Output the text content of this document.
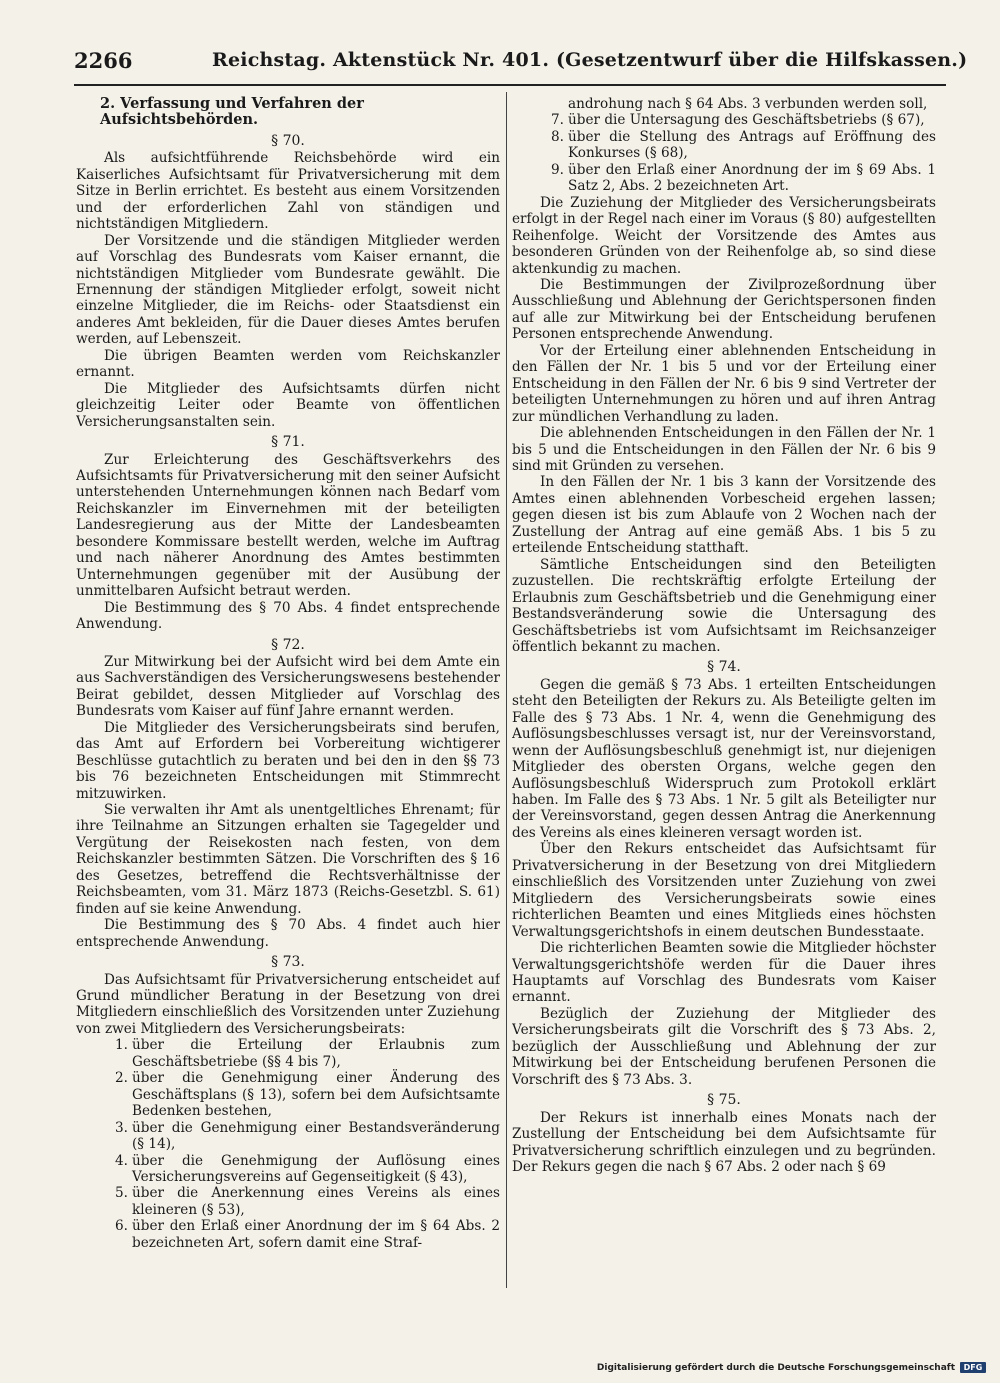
2266	Reichstag. Aktenstück Nr. 401. (Gesetzentwurf über die Hilfskassen.)
2. Verfassung und Verfahren der Aufsichtsbehörden.
§ 70.

Als aufsichtführende Reichsbehörde wird ein Kaiserliches Aufsichtsamt für Privatversicherung mit dem Sitze in Berlin errichtet. Es besteht aus einem Vorsitzenden und der erforderlichen Zahl von ständigen und nichtständigen Mitgliedern.

Der Vorsitzende und die ständigen Mitglieder werden auf Vorschlag des Bundesrats vom Kaiser ernannt, die nichtständigen Mitglieder vom Bundesrate gewählt. Die Ernennung der ständigen Mitglieder erfolgt, soweit nicht einzelne Mitglieder, die im Reichs- oder Staatsdienst ein anderes Amt bekleiden, für die Dauer dieses Amtes berufen werden, auf Lebenszeit.

Die übrigen Beamten werden vom Reichskanzler ernannt.

Die Mitglieder des Aufsichtsamts dürfen nicht gleichzeitig Leiter oder Beamte von öffentlichen Versicherungsanstalten sein.

§ 71.

Zur Erleichterung des Geschäftsverkehrs des Aufsichtsamts für Privatversicherung mit den seiner Aufsicht unterstehenden Unternehmungen können nach Bedarf vom Reichskanzler im Einvernehmen mit der beteiligten Landesregierung aus der Mitte der Landesbeamten besondere Kommissare bestellt werden, welche im Auftrag und nach näherer Anordnung des Amtes bestimmten Unternehmungen gegenüber mit der Ausübung der unmittelbaren Aufsicht betraut werden.

Die Bestimmung des § 70 Abs. 4 findet entsprechende Anwendung.

§ 72.

Zur Mitwirkung bei der Aufsicht wird bei dem Amte ein aus Sachverständigen des Versicherungswesens bestehender Beirat gebildet, dessen Mitglieder auf Vorschlag des Bundesrats vom Kaiser auf fünf Jahre ernannt werden.

Die Mitglieder des Versicherungsbeirats sind berufen, das Amt auf Erfordern bei Vorbereitung wichtigerer Beschlüsse gutachtlich zu beraten und bei den in den §§ 73 bis 76 bezeichneten Entscheidungen mit Stimmrecht mitzuwirken.

Sie verwalten ihr Amt als unentgeltliches Ehrenamt; für ihre Teilnahme an Sitzungen erhalten sie Tagegelder und Vergütung der Reisekosten nach festen, von dem Reichskanzler bestimmten Sätzen. Die Vorschriften des § 16 des Gesetzes, betreffend die Rechtsverhältnisse der Reichsbeamten, vom 31. März 1873 (Reichs-Gesetzbl. S. 61) finden auf sie keine Anwendung.

Die Bestimmung des § 70 Abs. 4 findet auch hier entsprechende Anwendung.

§ 73.

Das Aufsichtsamt für Privatversicherung entscheidet auf Grund mündlicher Beratung in der Besetzung von drei Mitgliedern einschließlich des Vorsitzenden unter Zuziehung von zwei Mitgliedern des Versicherungsbeirats:

1. über die Erteilung der Erlaubnis zum Geschäftsbetriebe (§§ 4 bis 7),
2. über die Genehmigung einer Änderung des Geschäftsplans (§ 13), sofern bei dem Aufsichtsamte Bedenken bestehen,
3. über die Genehmigung einer Bestandsveränderung (§ 14),
4. über die Genehmigung der Auflösung eines Versicherungsvereins auf Gegenseitigkeit (§ 43),
5. über die Anerkennung eines Vereins als eines kleineren (§ 53),
6. über den Erlaß einer Anordnung der im § 64 Abs. 2 bezeichneten Art, sofern damit eine Straf-
androhung nach § 64 Abs. 3 verbunden werden soll,
7. über die Untersagung des Geschäftsbetriebs (§ 67),
8. über die Stellung des Antrags auf Eröffnung des Konkurses (§ 68),
9. über den Erlaß einer Anordnung der im § 69 Abs. 1 Satz 2, Abs. 2 bezeichneten Art.

Die Zuziehung der Mitglieder des Versicherungsbeirats erfolgt in der Regel nach einer im Voraus (§ 80) aufgestellten Reihenfolge. Weicht der Vorsitzende des Amtes aus besonderen Gründen von der Reihenfolge ab, so sind diese aktenkundig zu machen.

Die Bestimmungen der Zivilprozeßordnung über Ausschließung und Ablehnung der Gerichtspersonen finden auf alle zur Mitwirkung bei der Entscheidung berufenen Personen entsprechende Anwendung.

Vor der Erteilung einer ablehnenden Entscheidung in den Fällen der Nr. 1 bis 5 und vor der Erteilung einer Entscheidung in den Fällen der Nr. 6 bis 9 sind Vertreter der beteiligten Unternehmungen zu hören und auf ihren Antrag zur mündlichen Verhandlung zu laden.

Die ablehnenden Entscheidungen in den Fällen der Nr. 1 bis 5 und die Entscheidungen in den Fällen der Nr. 6 bis 9 sind mit Gründen zu versehen.

In den Fällen der Nr. 1 bis 3 kann der Vorsitzende des Amtes einen ablehnenden Vorbescheid ergehen lassen; gegen diesen ist bis zum Ablaufe von 2 Wochen nach der Zustellung der Antrag auf eine gemäß Abs. 1 bis 5 zu erteilende Entscheidung statthaft.

Sämtliche Entscheidungen sind den Beteiligten zuzustellen. Die rechtskräftig erfolgte Erteilung der Erlaubnis zum Geschäftsbetrieb und die Genehmigung einer Bestandsveränderung sowie die Untersagung des Geschäftsbetriebs ist vom Aufsichtsamt im Reichsanzeiger öffentlich bekannt zu machen.

§ 74.

Gegen die gemäß § 73 Abs. 1 erteilten Entscheidungen steht den Beteiligten der Rekurs zu. Als Beteiligte gelten im Falle des § 73 Abs. 1 Nr. 4, wenn die Genehmigung des Auflösungsbeschlusses versagt ist, nur der Vereinsvorstand, wenn der Auflösungsbeschluß genehmigt ist, nur diejenigen Mitglieder des obersten Organs, welche gegen den Auflösungsbeschluß Widerspruch zum Protokoll erklärt haben. Im Falle des § 73 Abs. 1 Nr. 5 gilt als Beteiligter nur der Vereinsvorstand, gegen dessen Antrag die Anerkennung des Vereins als eines kleineren versagt worden ist.

Über den Rekurs entscheidet das Aufsichtsamt für Privatversicherung in der Besetzung von drei Mitgliedern einschließlich des Vorsitzenden unter Zuziehung von zwei Mitgliedern des Versicherungsbeirats sowie eines richterlichen Beamten und eines Mitglieds eines höchsten Verwaltungsgerichtshofs in einem deutschen Bundesstaate.

Die richterlichen Beamten sowie die Mitglieder höchster Verwaltungsgerichtshöfe werden für die Dauer ihres Hauptamts auf Vorschlag des Bundesrats vom Kaiser ernannt.

Bezüglich der Zuziehung der Mitglieder des Versicherungsbeirats gilt die Vorschrift des § 73 Abs. 2, bezüglich der Ausschließung und Ablehnung der zur Mitwirkung bei der Entscheidung berufenen Personen die Vorschrift des § 73 Abs. 3.

§ 75.

Der Rekurs ist innerhalb eines Monats nach der Zustellung der Entscheidung bei dem Aufsichtsamte für Privatversicherung schriftlich einzulegen und zu begründen. Der Rekurs gegen die nach § 67 Abs. 2 oder nach § 69

Digitalisierung gefördert durch die Deutsche Forschungsgemeinschaft	DFG
